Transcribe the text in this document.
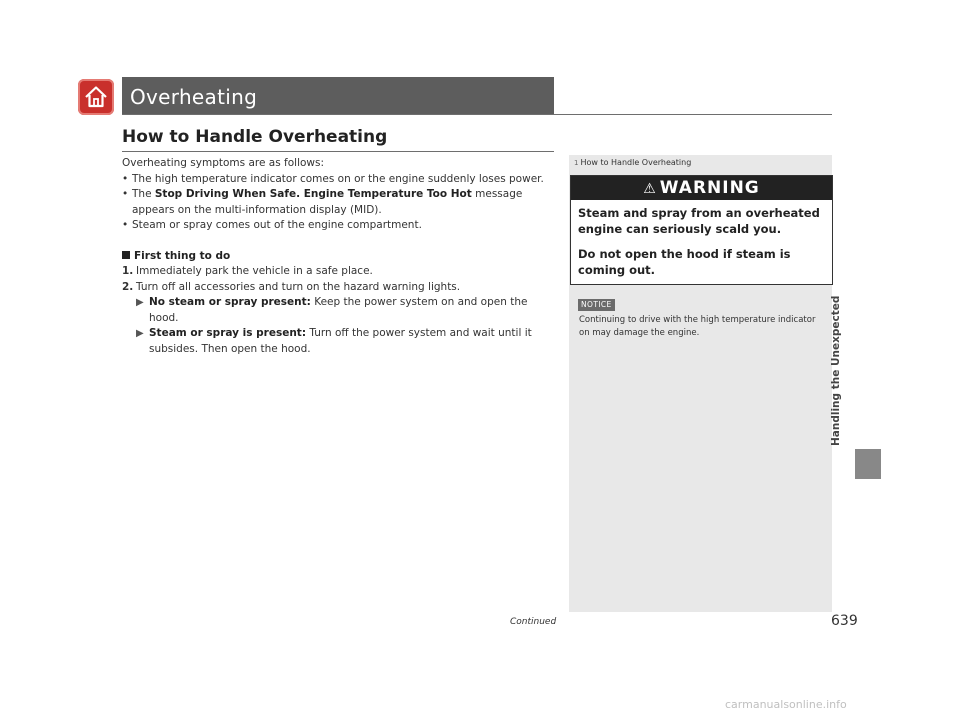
Overheating
How to Handle Overheating

Overheating symptoms are as follows:

• The high temperature indicator comes on or the engine suddenly loses power.

• The Stop Driving When Safe. Engine Temperature Too Hot message appears on the multi-information display (MID).

• Steam or spray comes out of the engine compartment.

First thing to do

1. Immediately park the vehicle in a safe place.

2. Turn off all accessories and turn on the hazard warning lights.

▶ No steam or spray present: Keep the power system on and open the hood.

▶ Steam or spray is present: Turn off the power system and wait until it subsides. Then open the hood.

1 How to Handle Overheating
⚠ WARNING

Steam and spray from an overheated engine can seriously scald you.

Do not open the hood if steam is coming out.

NOTICE
Continuing to drive with the high temperature indicator on may damage the engine.	Handling the Unexpected
Continued	639
carmanualsonline.info
